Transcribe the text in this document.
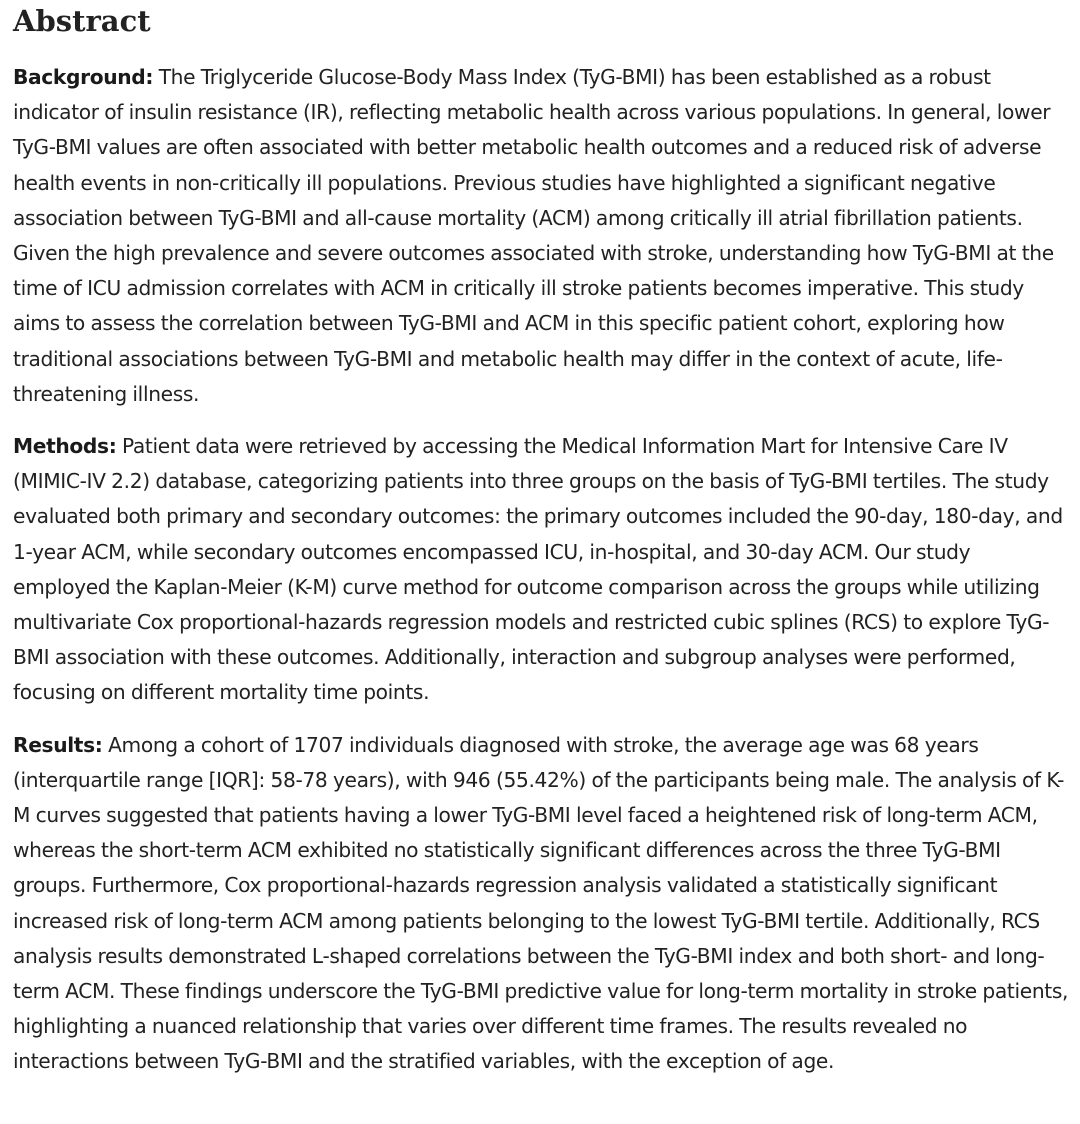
Abstract

Background: The Triglyceride Glucose-Body Mass Index (TyG-BMI) has been established as a robust indicator of insulin resistance (IR), reflecting metabolic health across various populations. In general, lower TyG-BMI values are often associated with better metabolic health outcomes and a reduced risk of adverse health events in non-critically ill populations. Previous studies have highlighted a significant negative association between TyG-BMI and all-cause mortality (ACM) among critically ill atrial fibrillation patients. Given the high prevalence and severe outcomes associated with stroke, understanding how TyG-BMI at the time of ICU admission correlates with ACM in critically ill stroke patients becomes imperative. This study aims to assess the correlation between TyG-BMI and ACM in this specific patient cohort, exploring how traditional associations between TyG-BMI and metabolic health may differ in the context of acute, life-threatening illness.

Methods: Patient data were retrieved by accessing the Medical Information Mart for Intensive Care IV (MIMIC-IV 2.2) database, categorizing patients into three groups on the basis of TyG-BMI tertiles. The study evaluated both primary and secondary outcomes: the primary outcomes included the 90-day, 180-day, and 1-year ACM, while secondary outcomes encompassed ICU, in-hospital, and 30-day ACM. Our study employed the Kaplan-Meier (K-M) curve method for outcome comparison across the groups while utilizing multivariate Cox proportional-hazards regression models and restricted cubic splines (RCS) to explore TyG-BMI association with these outcomes. Additionally, interaction and subgroup analyses were performed, focusing on different mortality time points.

Results: Among a cohort of 1707 individuals diagnosed with stroke, the average age was 68 years (interquartile range [IQR]: 58-78 years), with 946 (55.42%) of the participants being male. The analysis of K-M curves suggested that patients having a lower TyG-BMI level faced a heightened risk of long-term ACM, whereas the short-term ACM exhibited no statistically significant differences across the three TyG-BMI groups. Furthermore, Cox proportional-hazards regression analysis validated a statistically significant increased risk of long-term ACM among patients belonging to the lowest TyG-BMI tertile. Additionally, RCS analysis results demonstrated L-shaped correlations between the TyG-BMI index and both short- and long-term ACM. These findings underscore the TyG-BMI predictive value for long-term mortality in stroke patients, highlighting a nuanced relationship that varies over different time frames. The results revealed no interactions between TyG-BMI and the stratified variables, with the exception of age.
